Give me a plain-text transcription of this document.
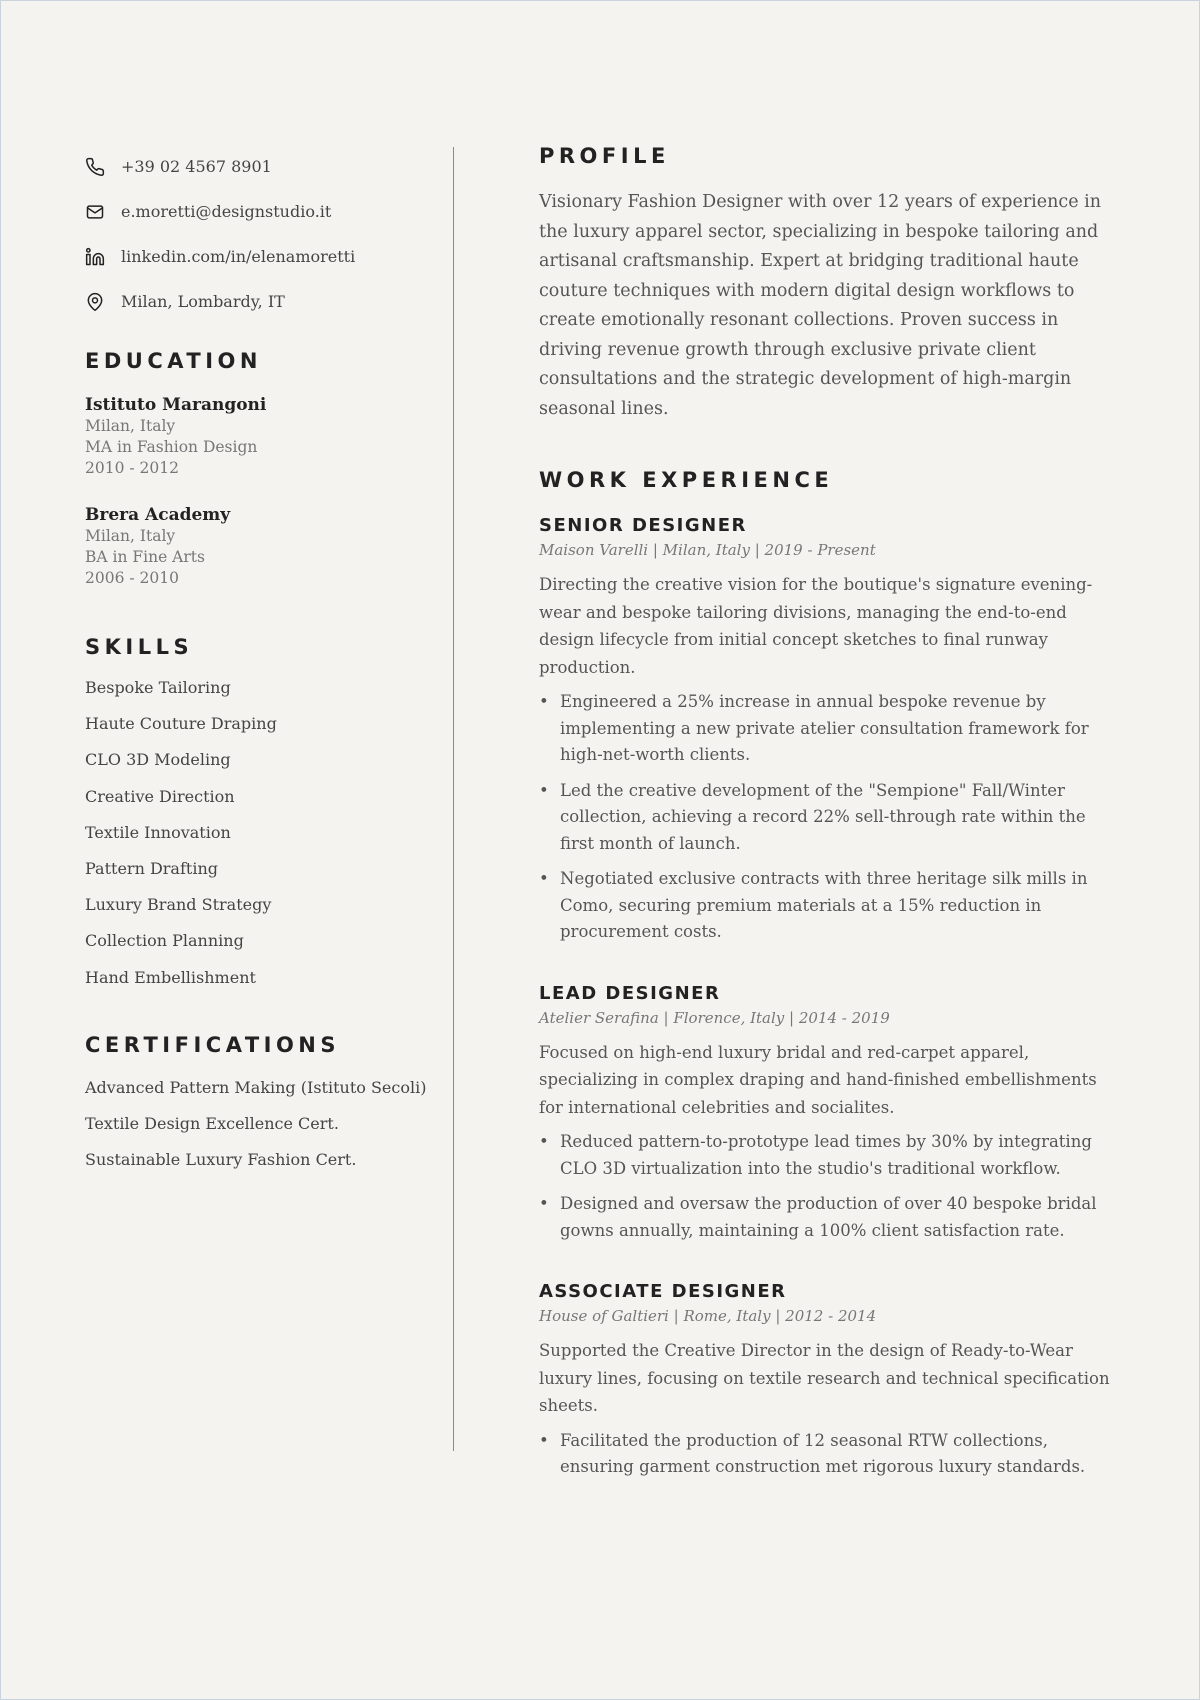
+39 02 4567 8901
e.moretti@designstudio.it
linkedin.com/in/elenamoretti
Milan, Lombardy, IT
EDUCATION
Istituto Marangoni
Milan, Italy
MA in Fashion Design
2010 - 2012
Brera Academy
Milan, Italy
BA in Fine Arts
2006 - 2010
SKILLS
Bespoke Tailoring
Haute Couture Draping
CLO 3D Modeling
Creative Direction
Textile Innovation
Pattern Drafting
Luxury Brand Strategy
Collection Planning
Hand Embellishment
CERTIFICATIONS
Advanced Pattern Making (Istituto Secoli)
Textile Design Excellence Cert.
Sustainable Luxury Fashion Cert.
PROFILE
Visionary Fashion Designer with over 12 years of experience in the luxury apparel sector, specializing in bespoke tailoring and artisanal craftsmanship. Expert at bridging traditional haute couture techniques with modern digital design workflows to create emotionally resonant collections. Proven success in driving revenue growth through exclusive private client consultations and the strategic development of high-margin seasonal lines.
WORK EXPERIENCE
SENIOR DESIGNER
Maison Varelli | Milan, Italy | 2019 - Present
Directing the creative vision for the boutique's signature evening-wear and bespoke tailoring divisions, managing the end-to-end design lifecycle from initial concept sketches to final runway production.
• Engineered a 25% increase in annual bespoke revenue by implementing a new private atelier consultation framework for high-net-worth clients.
• Led the creative development of the "Sempione" Fall/Winter collection, achieving a record 22% sell-through rate within the first month of launch.
• Negotiated exclusive contracts with three heritage silk mills in Como, securing premium materials at a 15% reduction in procurement costs.
LEAD DESIGNER
Atelier Serafina | Florence, Italy | 2014 - 2019
Focused on high-end luxury bridal and red-carpet apparel, specializing in complex draping and hand-finished embellishments for international celebrities and socialites.
• Reduced pattern-to-prototype lead times by 30% by integrating CLO 3D virtualization into the studio's traditional workflow.
• Designed and oversaw the production of over 40 bespoke bridal gowns annually, maintaining a 100% client satisfaction rate.
ASSOCIATE DESIGNER
House of Galtieri | Rome, Italy | 2012 - 2014
Supported the Creative Director in the design of Ready-to-Wear luxury lines, focusing on textile research and technical specification sheets.
• Facilitated the production of 12 seasonal RTW collections, ensuring garment construction met rigorous luxury standards.
